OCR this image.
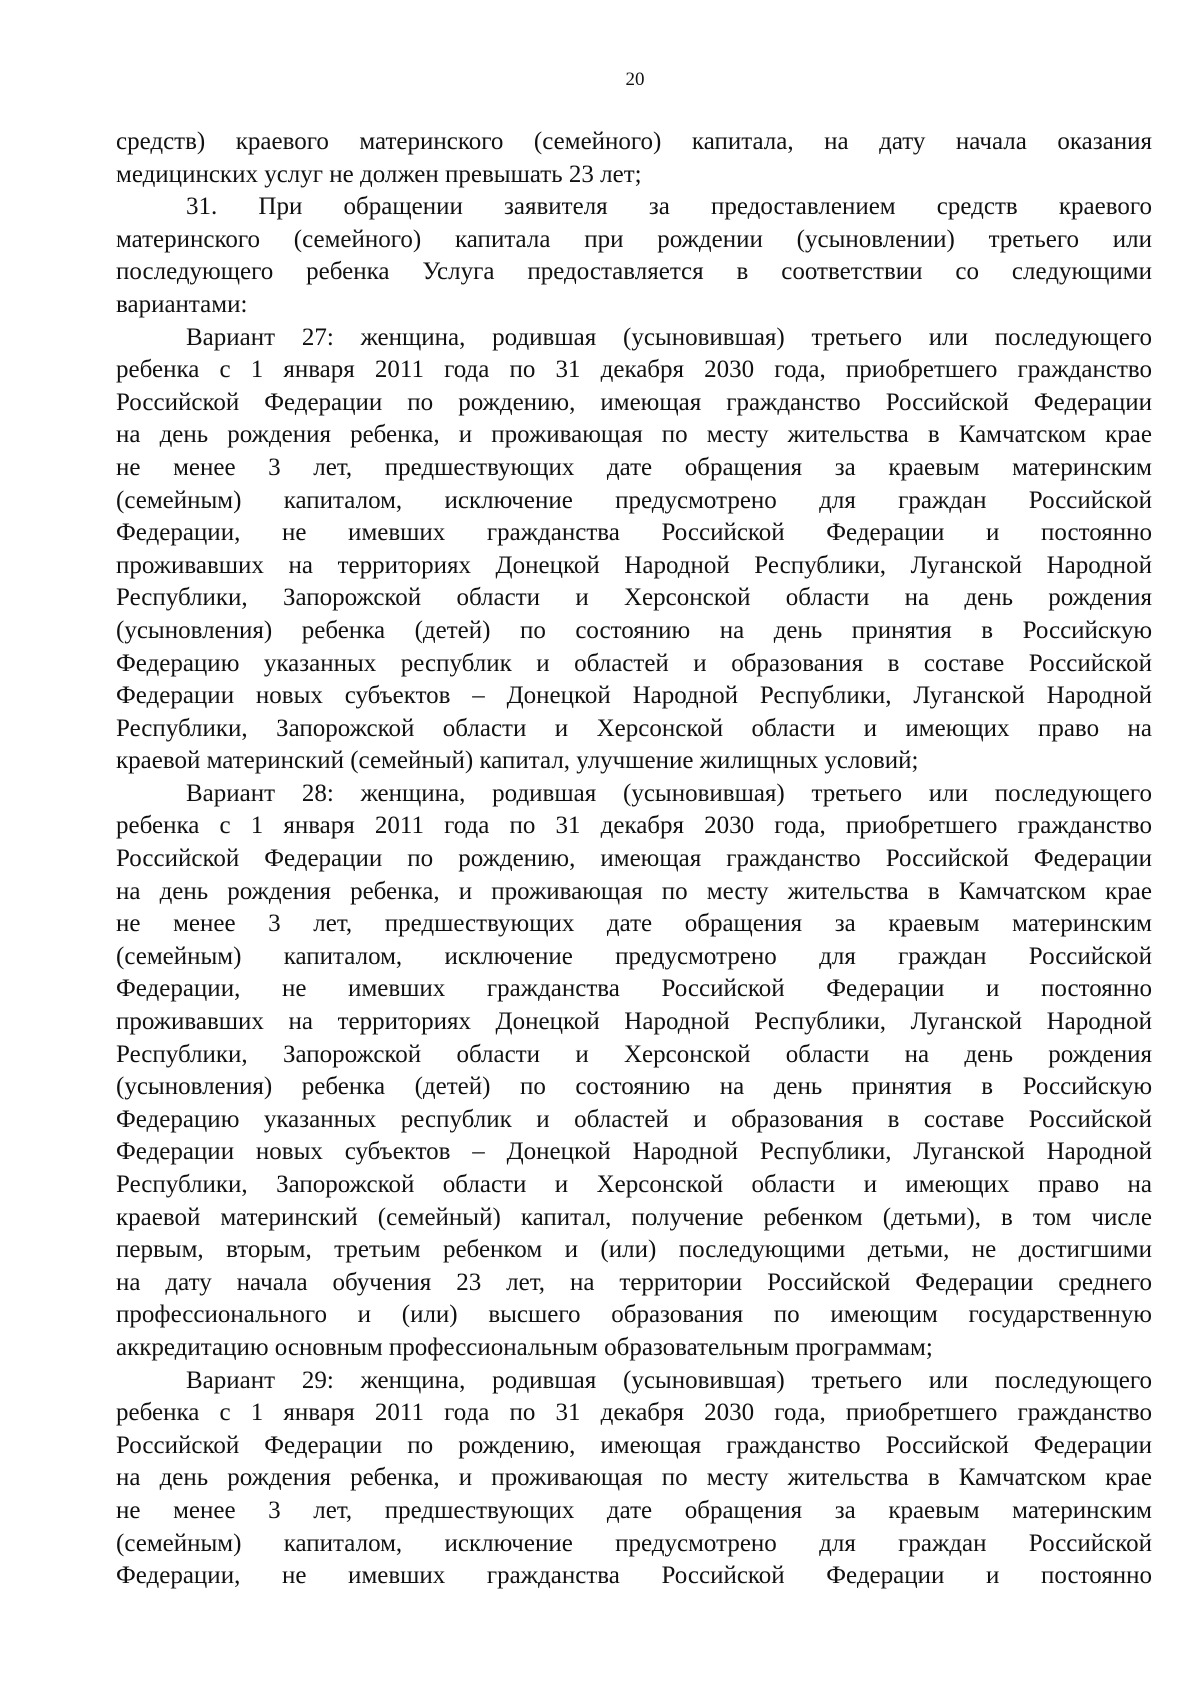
20
средств) краевого материнского (семейного) капитала, на дату начала оказания
медицинских услуг не должен превышать 23 лет;
31. При обращении заявителя за предоставлением средств краевого
материнского (семейного) капитала при рождении (усыновлении) третьего или
последующего ребенка Услуга предоставляется в соответствии со следующими
вариантами:
Вариант 27: женщина, родившая (усыновившая) третьего или последующего
ребенка с 1 января 2011 года по 31 декабря 2030 года, приобретшего гражданство
Российской Федерации по рождению, имеющая гражданство Российской Федерации
на день рождения ребенка, и проживающая по месту жительства в Камчатском крае
не менее 3 лет, предшествующих дате обращения за краевым материнским
(семейным) капиталом, исключение предусмотрено для граждан Российской
Федерации, не имевших гражданства Российской Федерации и постоянно
проживавших на территориях Донецкой Народной Республики, Луганской Народной
Республики, Запорожской области и Херсонской области на день рождения
(усыновления) ребенка (детей) по состоянию на день принятия в Российскую
Федерацию указанных республик и областей и образования в составе Российской
Федерации новых субъектов – Донецкой Народной Республики, Луганской Народной
Республики, Запорожской области и Херсонской области и имеющих право на
краевой материнский (семейный) капитал, улучшение жилищных условий;
Вариант 28: женщина, родившая (усыновившая) третьего или последующего
ребенка с 1 января 2011 года по 31 декабря 2030 года, приобретшего гражданство
Российской Федерации по рождению, имеющая гражданство Российской Федерации
на день рождения ребенка, и проживающая по месту жительства в Камчатском крае
не менее 3 лет, предшествующих дате обращения за краевым материнским
(семейным) капиталом, исключение предусмотрено для граждан Российской
Федерации, не имевших гражданства Российской Федерации и постоянно
проживавших на территориях Донецкой Народной Республики, Луганской Народной
Республики, Запорожской области и Херсонской области на день рождения
(усыновления) ребенка (детей) по состоянию на день принятия в Российскую
Федерацию указанных республик и областей и образования в составе Российской
Федерации новых субъектов – Донецкой Народной Республики, Луганской Народной
Республики, Запорожской области и Херсонской области и имеющих право на
краевой материнский (семейный) капитал, получение ребенком (детьми), в том числе
первым, вторым, третьим ребенком и (или) последующими детьми, не достигшими
на дату начала обучения 23 лет, на территории Российской Федерации среднего
профессионального и (или) высшего образования по имеющим государственную
аккредитацию основным профессиональным образовательным программам;
Вариант 29: женщина, родившая (усыновившая) третьего или последующего
ребенка с 1 января 2011 года по 31 декабря 2030 года, приобретшего гражданство
Российской Федерации по рождению, имеющая гражданство Российской Федерации
на день рождения ребенка, и проживающая по месту жительства в Камчатском крае
не менее 3 лет, предшествующих дате обращения за краевым материнским
(семейным) капиталом, исключение предусмотрено для граждан Российской
Федерации, не имевших гражданства Российской Федерации и постоянно
